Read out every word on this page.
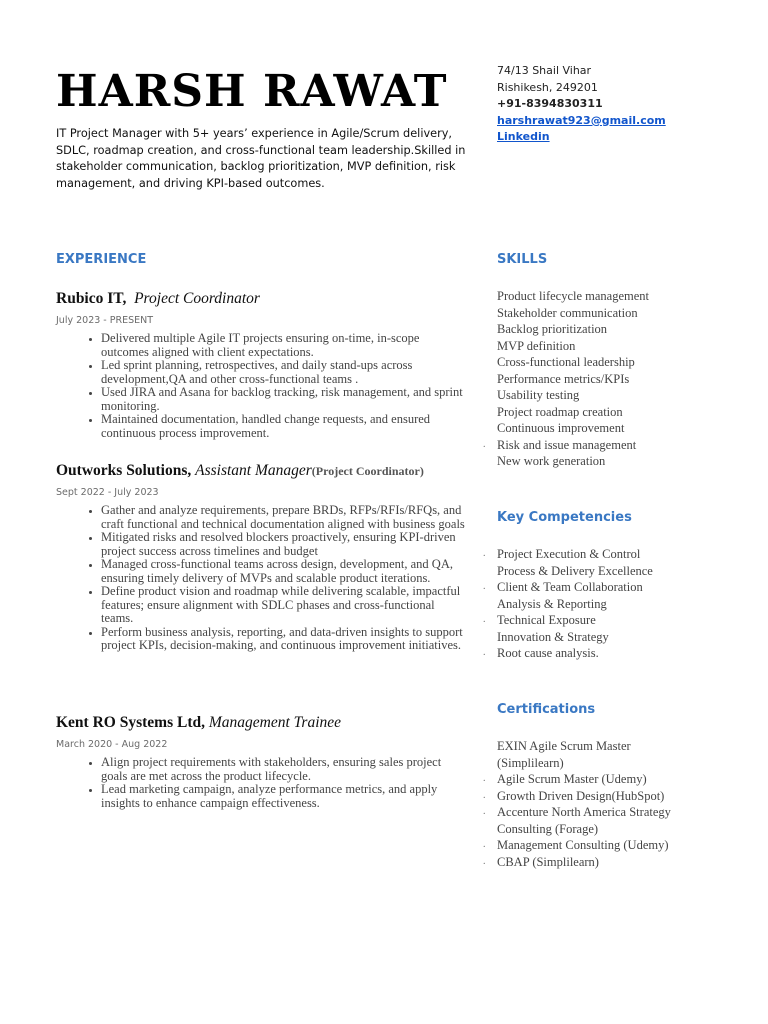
HARSH RAWAT

IT Project Manager with 5+ years’ experience in Agile/Scrum delivery, SDLC, roadmap creation, and cross-functional team leadership.Skilled in stakeholder communication, backlog prioritization, MVP definition, risk management, and driving KPI-based outcomes.

74/13 Shail Vihar
Rishikesh, 249201
+91-8394830311
harshrawat923@gmail.com
Linkedin
EXPERIENCE	SKILLS
Key Competencies
Certifications
Rubico IT, Project Coordinator
July 2023 - PRESENT
• Delivered multiple Agile IT projects ensuring on-time, in-scope outcomes aligned with client expectations.
• Led sprint planning, retrospectives, and daily stand-ups across development,QA and other cross-functional teams .
• Used JIRA and Asana for backlog tracking, risk management, and sprint monitoring.
• Maintained documentation, handled change requests, and ensured continuous process improvement.
Outworks Solutions, Assistant Manager(Project Coordinator)
Sept 2022 - July 2023
• Gather and analyze requirements, prepare BRDs, RFPs/RFIs/RFQs, and craft functional and technical documentation aligned with business goals
• Mitigated risks and resolved blockers proactively, ensuring KPI-driven project success across timelines and budget
• Managed cross-functional teams across design, development, and QA, ensuring timely delivery of MVPs and scalable product iterations.
• Define product vision and roadmap while delivering scalable, impactful features; ensure alignment with SDLC phases and cross-functional teams.
• Perform business analysis, reporting, and data-driven insights to support project KPIs, decision-making, and continuous improvement initiatives.
Kent RO Systems Ltd, Management Trainee
March 2020 - Aug 2022
• Align project requirements with stakeholders, ensuring sales project goals are met across the product lifecycle.
• Lead marketing campaign, analyze performance metrics, and apply insights to enhance campaign effectiveness.
Product lifecycle management
Stakeholder communication
Backlog prioritization
MVP definition
Cross-functional leadership
Performance metrics/KPIs
Usability testing
Project roadmap creation
Continuous improvement
. Risk and issue management
New work generation
. Project Execution & Control
Process & Delivery Excellence
. Client & Team Collaboration
Analysis & Reporting
. Technical Exposure
Innovation & Strategy
. Root cause analysis.
EXIN Agile Scrum Master (Simplilearn)
. Agile Scrum Master (Udemy)
. Growth Driven Design(HubSpot)
. Accenture North America Strategy Consulting (Forage)
. Management Consulting (Udemy)
. CBAP (Simplilearn)
